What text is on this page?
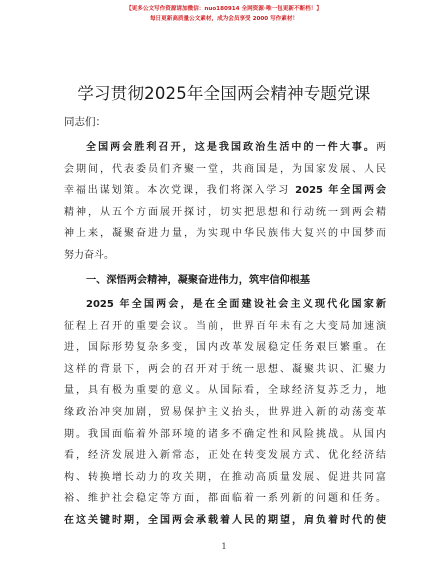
【更多公文写作资源请加微信：nuo180914 全网资源·唯一包更新不断档！】
每日更新高质量公文素材，成为会员享受 2000 写作素材！
学习贯彻2025年全国两会精神专题党课
同志们：
全国两会胜利召开，这是我国政治生活中的一件大事。两
会期间，代表委员们齐聚一堂，共商国是，为国家发展、人民
幸福出谋划策。本次党课，我们将深入学习 2025 年全国两会
精神，从五个方面展开探讨，切实把思想和行动统一到两会精
神上来，凝聚奋进力量，为实现中华民族伟大复兴的中国梦而
努力奋斗。
一、深悟两会精神，凝聚奋进伟力，筑牢信仰根基
2025 年全国两会，是在全面建设社会主义现代化国家新
征程上召开的重要会议。当前，世界百年未有之大变局加速演
进，国际形势复杂多变，国内改革发展稳定任务艰巨繁重。在
这样的背景下，两会的召开对于统一思想、凝聚共识、汇聚力
量，具有极为重要的意义。从国际看，全球经济复苏乏力，地
缘政治冲突加剧，贸易保护主义抬头，世界进入新的动荡变革
期。我国面临着外部环境的诸多不确定性和风险挑战。从国内
看，经济发展进入新常态，正处在转变发展方式、优化经济结
构、转换增长动力的攻关期，在推动高质量发展、促进共同富
裕、维护社会稳定等方面，都面临着一系列新的问题和任务。
在这关键时期，全国两会承载着人民的期望，肩负着时代的使
1
